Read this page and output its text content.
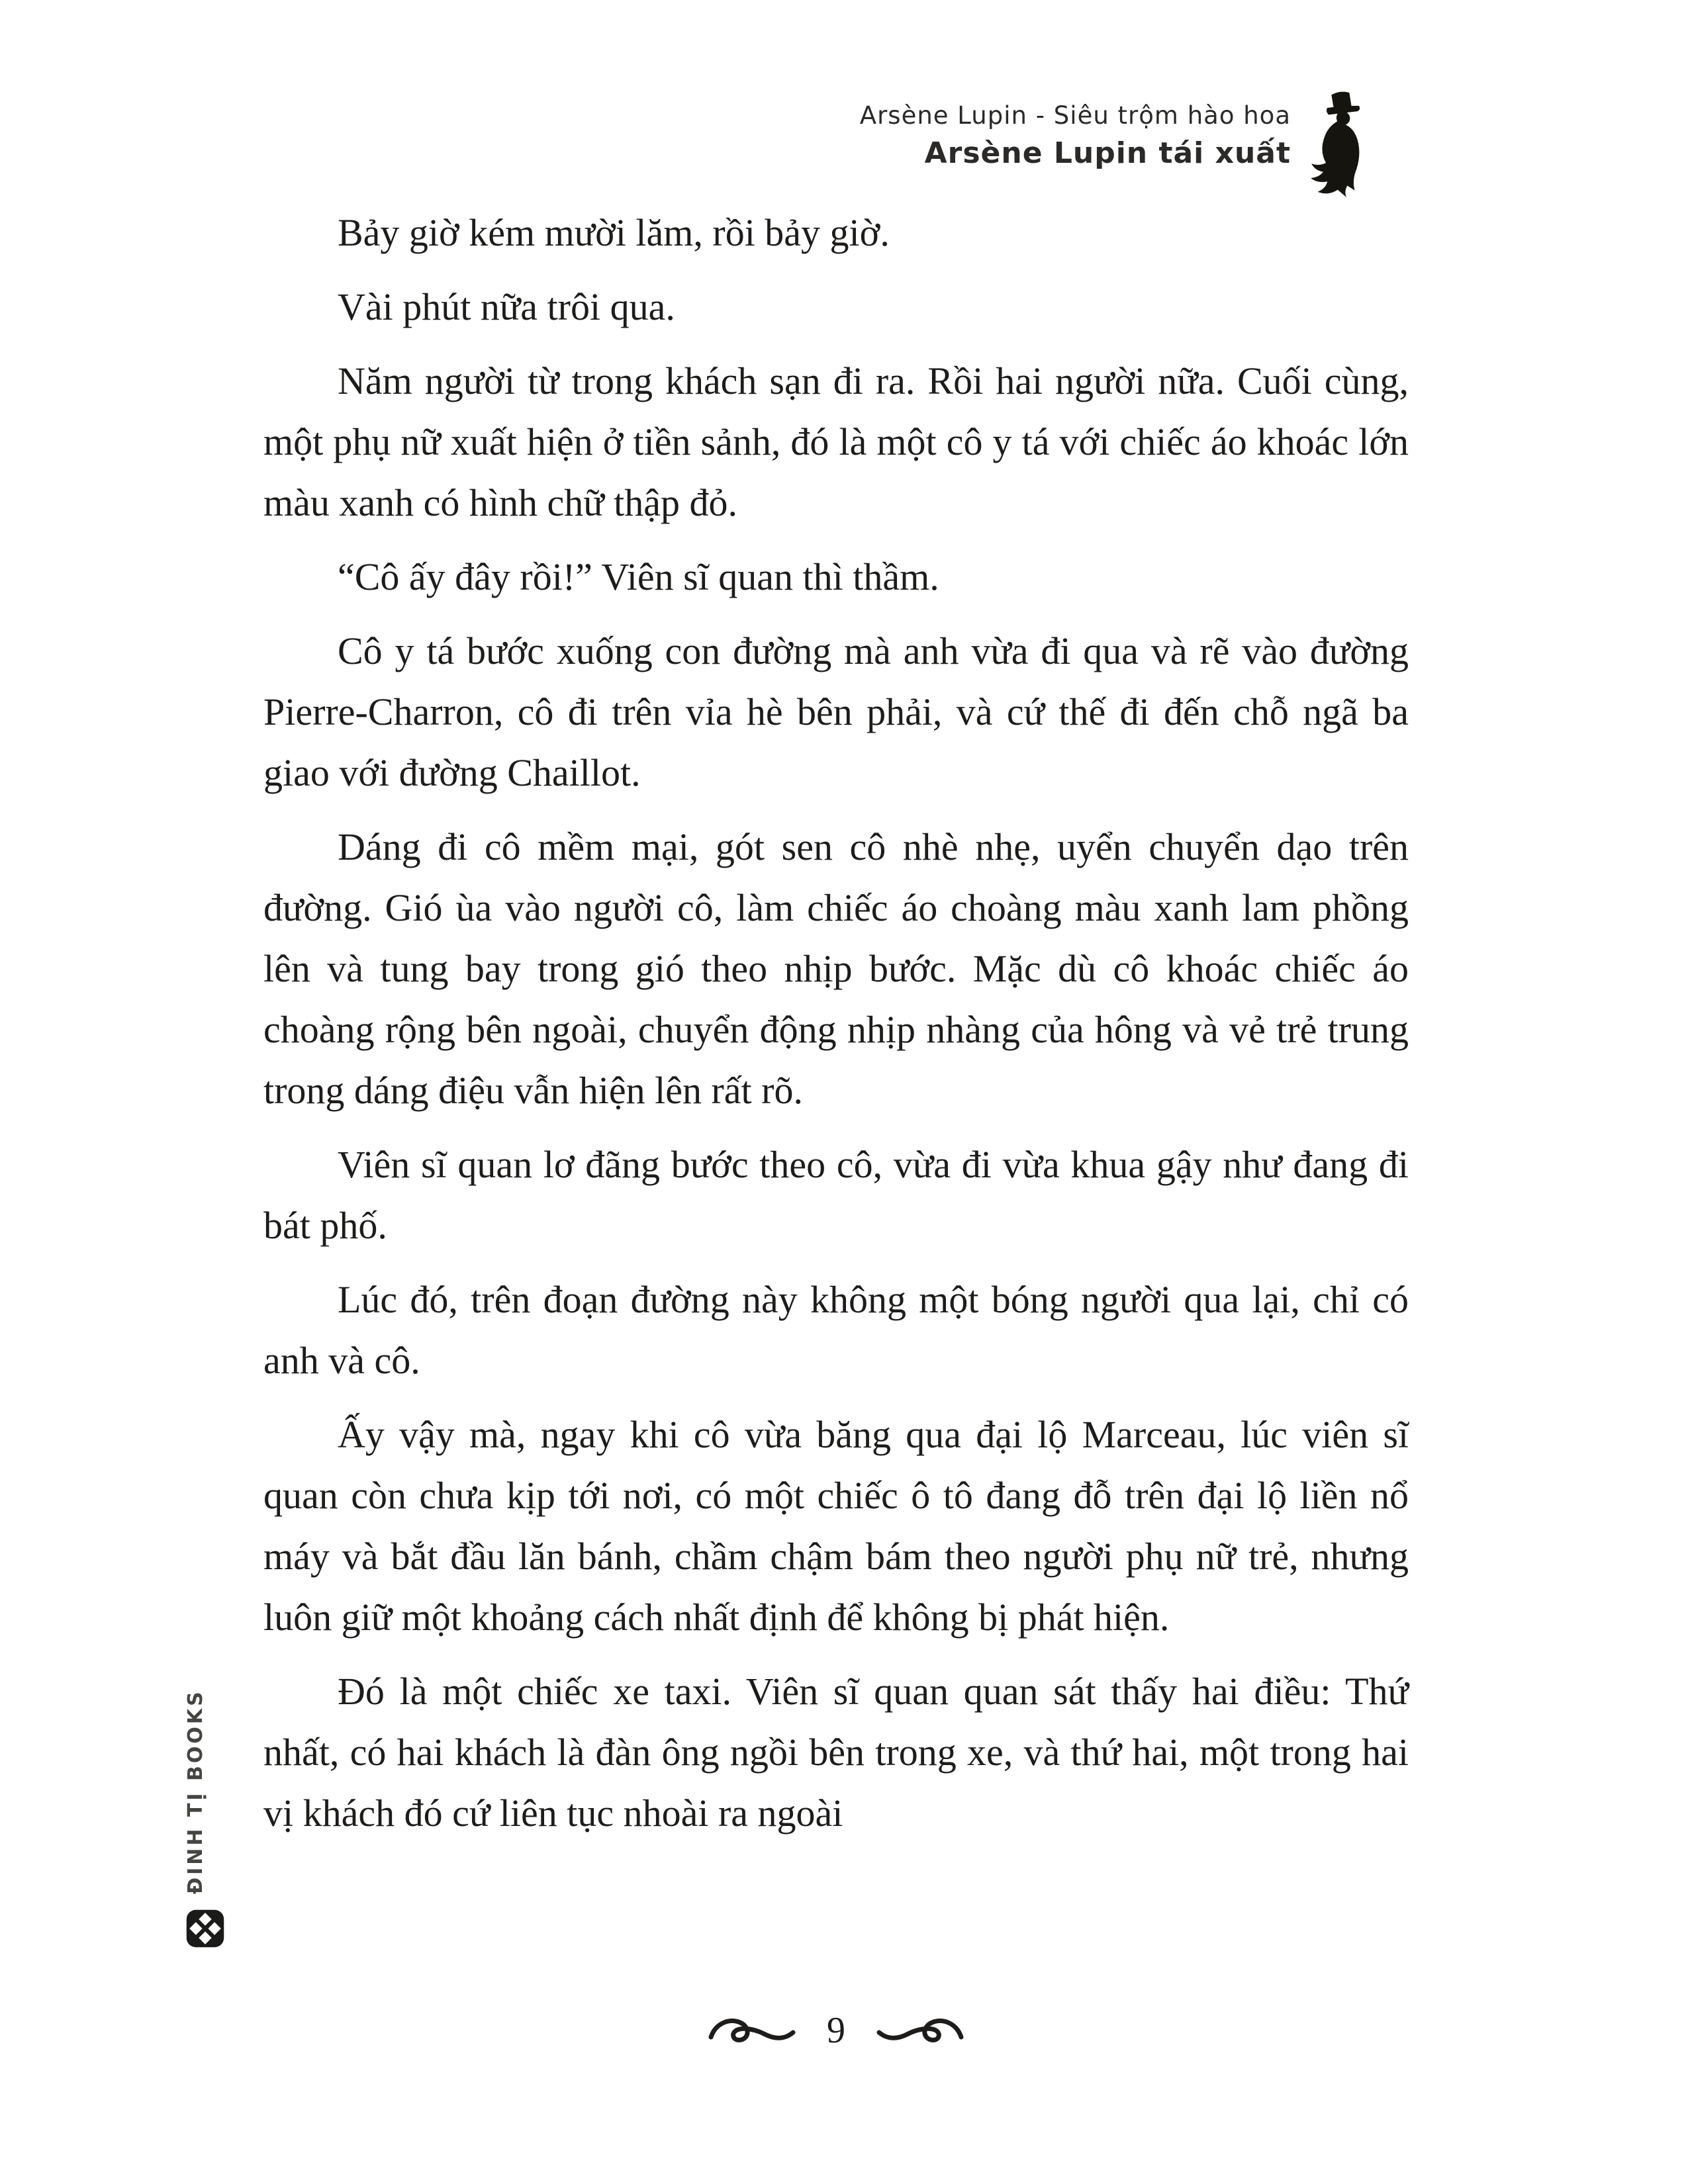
Arsène Lupin - Siêu trộm hào hoa
Arsène Lupin tái xuất

Bảy giờ kém mười lăm, rồi bảy giờ.

Vài phút nữa trôi qua.

Năm người từ trong khách sạn đi ra. Rồi hai người nữa. Cuối cùng, một phụ nữ xuất hiện ở tiền sảnh, đó là một cô y tá với chiếc áo khoác lớn màu xanh có hình chữ thập đỏ.

“Cô ấy đây rồi!” Viên sĩ quan thì thầm.

Cô y tá bước xuống con đường mà anh vừa đi qua và rẽ vào đường Pierre-Charron, cô đi trên vỉa hè bên phải, và cứ thế đi đến chỗ ngã ba giao với đường Chaillot.

Dáng đi cô mềm mại, gót sen cô nhè nhẹ, uyển chuyển dạo trên đường. Gió ùa vào người cô, làm chiếc áo choàng màu xanh lam phồng lên và tung bay trong gió theo nhịp bước. Mặc dù cô khoác chiếc áo choàng rộng bên ngoài, chuyển động nhịp nhàng của hông và vẻ trẻ trung trong dáng điệu vẫn hiện lên rất rõ.

Viên sĩ quan lơ đãng bước theo cô, vừa đi vừa khua gậy như đang đi bát phố.

Lúc đó, trên đoạn đường này không một bóng người qua lại, chỉ có anh và cô.

Ấy vậy mà, ngay khi cô vừa băng qua đại lộ Marceau, lúc viên sĩ quan còn chưa kịp tới nơi, có một chiếc ô tô đang đỗ trên đại lộ liền nổ máy và bắt đầu lăn bánh, chầm chậm bám theo người phụ nữ trẻ, nhưng luôn giữ một khoảng cách nhất định để không bị phát hiện.

Đó là một chiếc xe taxi. Viên sĩ quan quan sát thấy hai điều: Thứ nhất, có hai khách là đàn ông ngồi bên trong xe, và thứ hai, một trong hai vị khách đó cứ liên tục nhoài ra ngoài

ĐINH TỊ BOOKS
9
